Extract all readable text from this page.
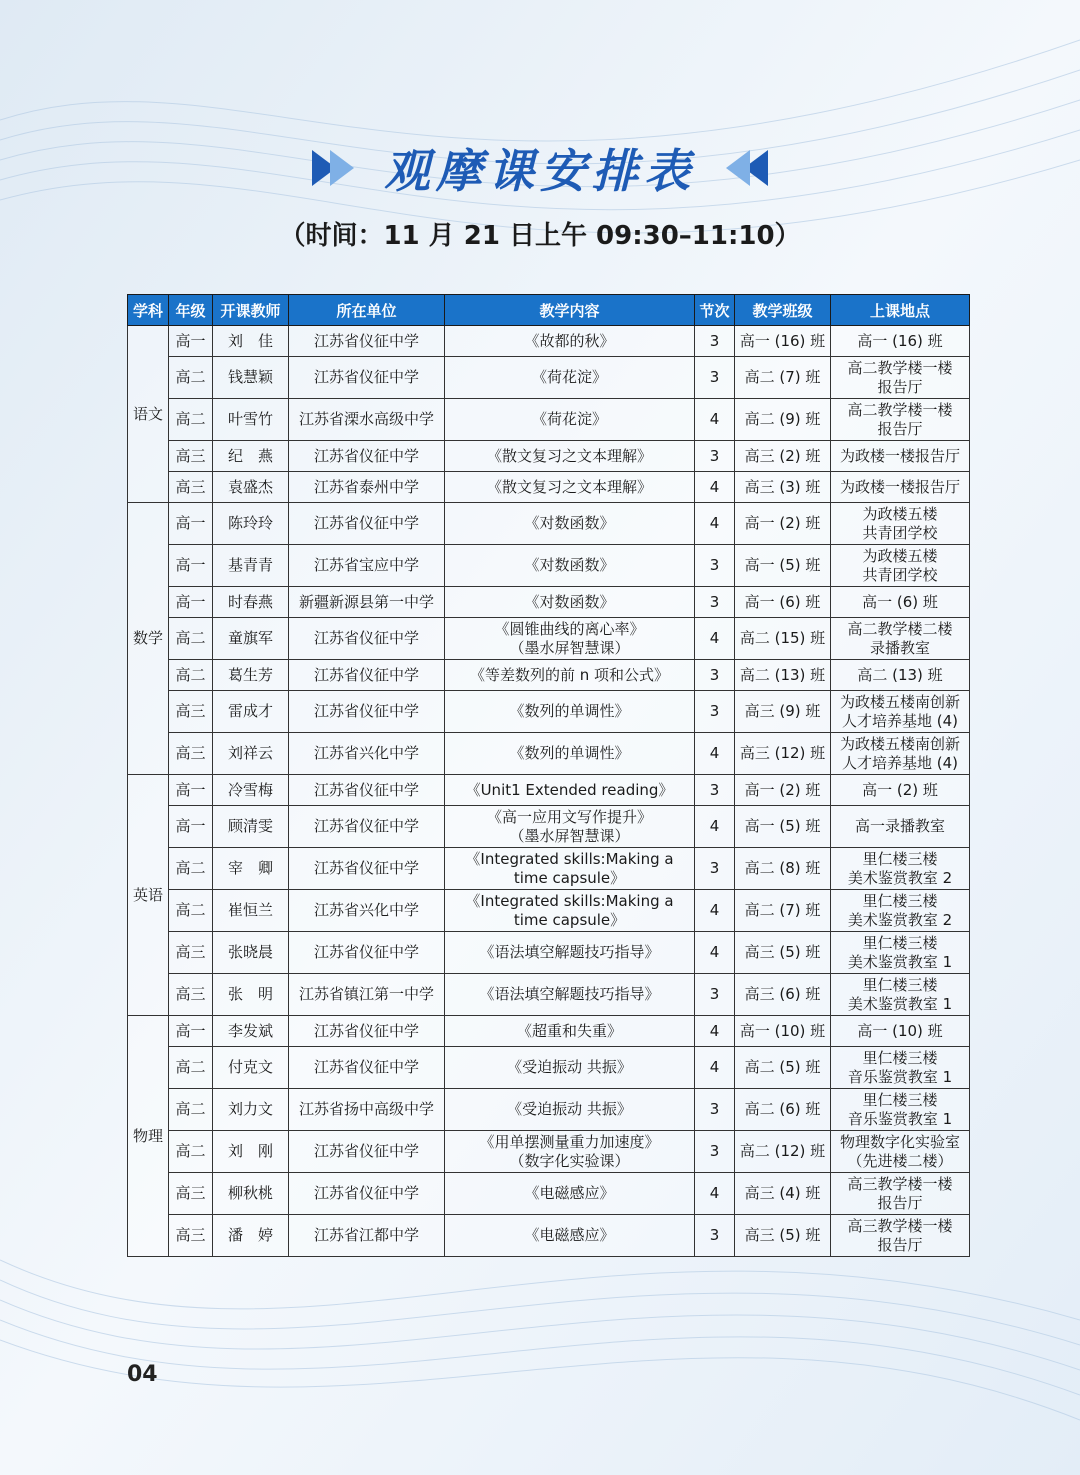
观摩课安排表
（时间：11 月 21 日上午 09:30–11:10）
学科	年级	开课教师	所在单位	教学内容	节次	教学班级	上课地点
语文	高一	刘　佳	江苏省仪征中学	《故都的秋》	3	高一 (16) 班	高一 (16) 班
	高二	钱慧颖	江苏省仪征中学	《荷花淀》	3	高二 (7) 班	高二教学楼一楼
报告厅
	高二	叶雪竹	江苏省溧水高级中学	《荷花淀》	4	高二 (9) 班	高二教学楼一楼
报告厅
	高三	纪　燕	江苏省仪征中学	《散文复习之文本理解》	3	高三 (2) 班	为政楼一楼报告厅
	高三	袁盛杰	江苏省泰州中学	《散文复习之文本理解》	4	高三 (3) 班	为政楼一楼报告厅
数学	高一	陈玲玲	江苏省仪征中学	《对数函数》	4	高一 (2) 班	为政楼五楼
共青团学校
	高一	基青青	江苏省宝应中学	《对数函数》	3	高一 (5) 班	为政楼五楼
共青团学校
	高一	时春燕	新疆新源县第一中学	《对数函数》	3	高一 (6) 班	高一 (6) 班
	高二	童旗军	江苏省仪征中学	《圆锥曲线的离心率》
（墨水屏智慧课）	4	高二 (15) 班	高二教学楼二楼
录播教室
	高二	葛生芳	江苏省仪征中学	《等差数列的前 n 项和公式》	3	高二 (13) 班	高二 (13) 班
	高三	雷成才	江苏省仪征中学	《数列的单调性》	3	高三 (9) 班	为政楼五楼南创新
人才培养基地 (4)
	高三	刘祥云	江苏省兴化中学	《数列的单调性》	4	高三 (12) 班	为政楼五楼南创新
人才培养基地 (4)
英语	高一	冷雪梅	江苏省仪征中学	《Unit1 Extended reading》	3	高一 (2) 班	高一 (2) 班
	高一	顾清雯	江苏省仪征中学	《高一应用文写作提升》
（墨水屏智慧课）	4	高一 (5) 班	高一录播教室
	高二	宰　卿	江苏省仪征中学	《Integrated skills:Making a
time capsule》	3	高二 (8) 班	里仁楼三楼
美术鉴赏教室 2
	高二	崔恒兰	江苏省兴化中学	《Integrated skills:Making a
time capsule》	4	高二 (7) 班	里仁楼三楼
美术鉴赏教室 2
	高三	张晓晨	江苏省仪征中学	《语法填空解题技巧指导》	4	高三 (5) 班	里仁楼三楼
美术鉴赏教室 1
	高三	张　明	江苏省镇江第一中学	《语法填空解题技巧指导》	3	高三 (6) 班	里仁楼三楼
美术鉴赏教室 1
物理	高一	李发斌	江苏省仪征中学	《超重和失重》	4	高一 (10) 班	高一 (10) 班
	高二	付克文	江苏省仪征中学	《受迫振动 共振》	4	高二 (5) 班	里仁楼三楼
音乐鉴赏教室 1
	高二	刘力文	江苏省扬中高级中学	《受迫振动 共振》	3	高二 (6) 班	里仁楼三楼
音乐鉴赏教室 1
	高二	刘　刚	江苏省仪征中学	《用单摆测量重力加速度》
（数字化实验课）	3	高二 (12) 班	物理数字化实验室
（先进楼二楼）
	高三	柳秋桃	江苏省仪征中学	《电磁感应》	4	高三 (4) 班	高三教学楼一楼
报告厅
	高三	潘　婷	江苏省江都中学	《电磁感应》	3	高三 (5) 班	高三教学楼一楼
报告厅
04
